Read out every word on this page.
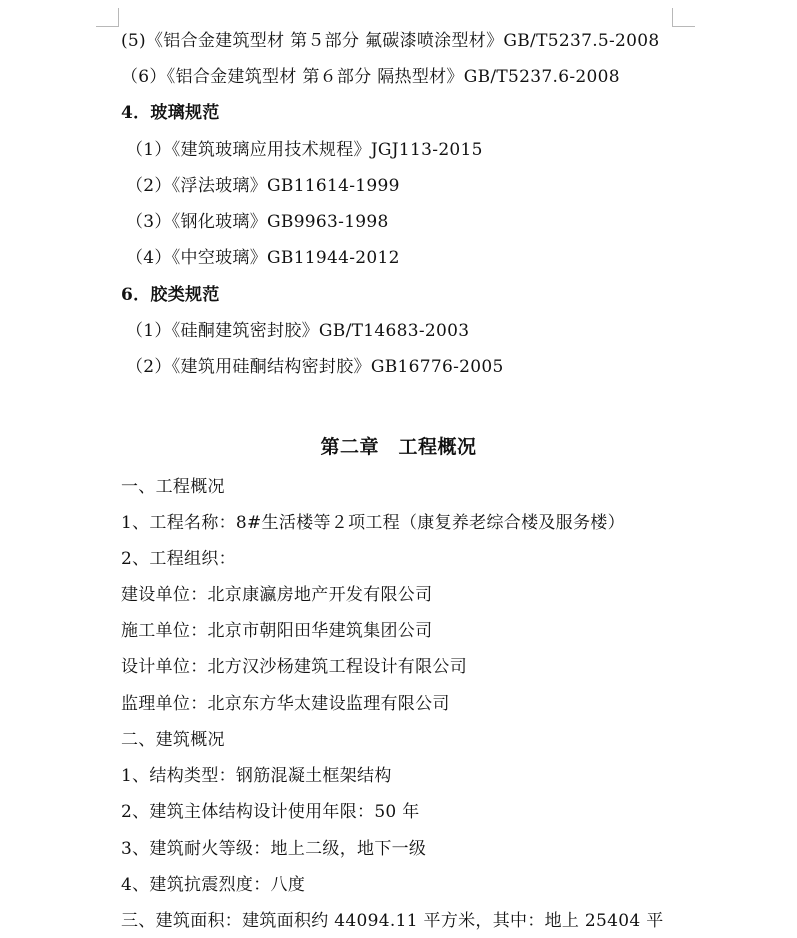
(5)《铝合金建筑型材 第５部分 氟碳漆喷涂型材》GB/T5237.5-2008
（6）《铝合金建筑型材 第６部分 隔热型材》GB/T5237.6-2008
4．玻璃规范
（1）《建筑玻璃应用技术规程》JGJ113-2015
（2）《浮法玻璃》GB11614-1999
（3）《钢化玻璃》GB9963-1998
（4）《中空玻璃》GB11944-2012
6．胶类规范
（1）《硅酮建筑密封胶》GB/T14683-2003
（2）《建筑用硅酮结构密封胶》GB16776-2005
第二章　工程概况
一、工程概况
1、工程名称：8#生活楼等２项工程（康复养老综合楼及服务楼）
2、工程组织：
建设单位：北京康瀛房地产开发有限公司
施工单位：北京市朝阳田华建筑集团公司
设计单位：北方汉沙杨建筑工程设计有限公司
监理单位：北京东方华太建设监理有限公司
二、建筑概况
1、结构类型：钢筋混凝土框架结构
2、建筑主体结构设计使用年限：50 年
3、建筑耐火等级：地上二级，地下一级
4、建筑抗震烈度：八度
三、建筑面积：建筑面积约 44094.11 平方米，其中：地上 25404 平
